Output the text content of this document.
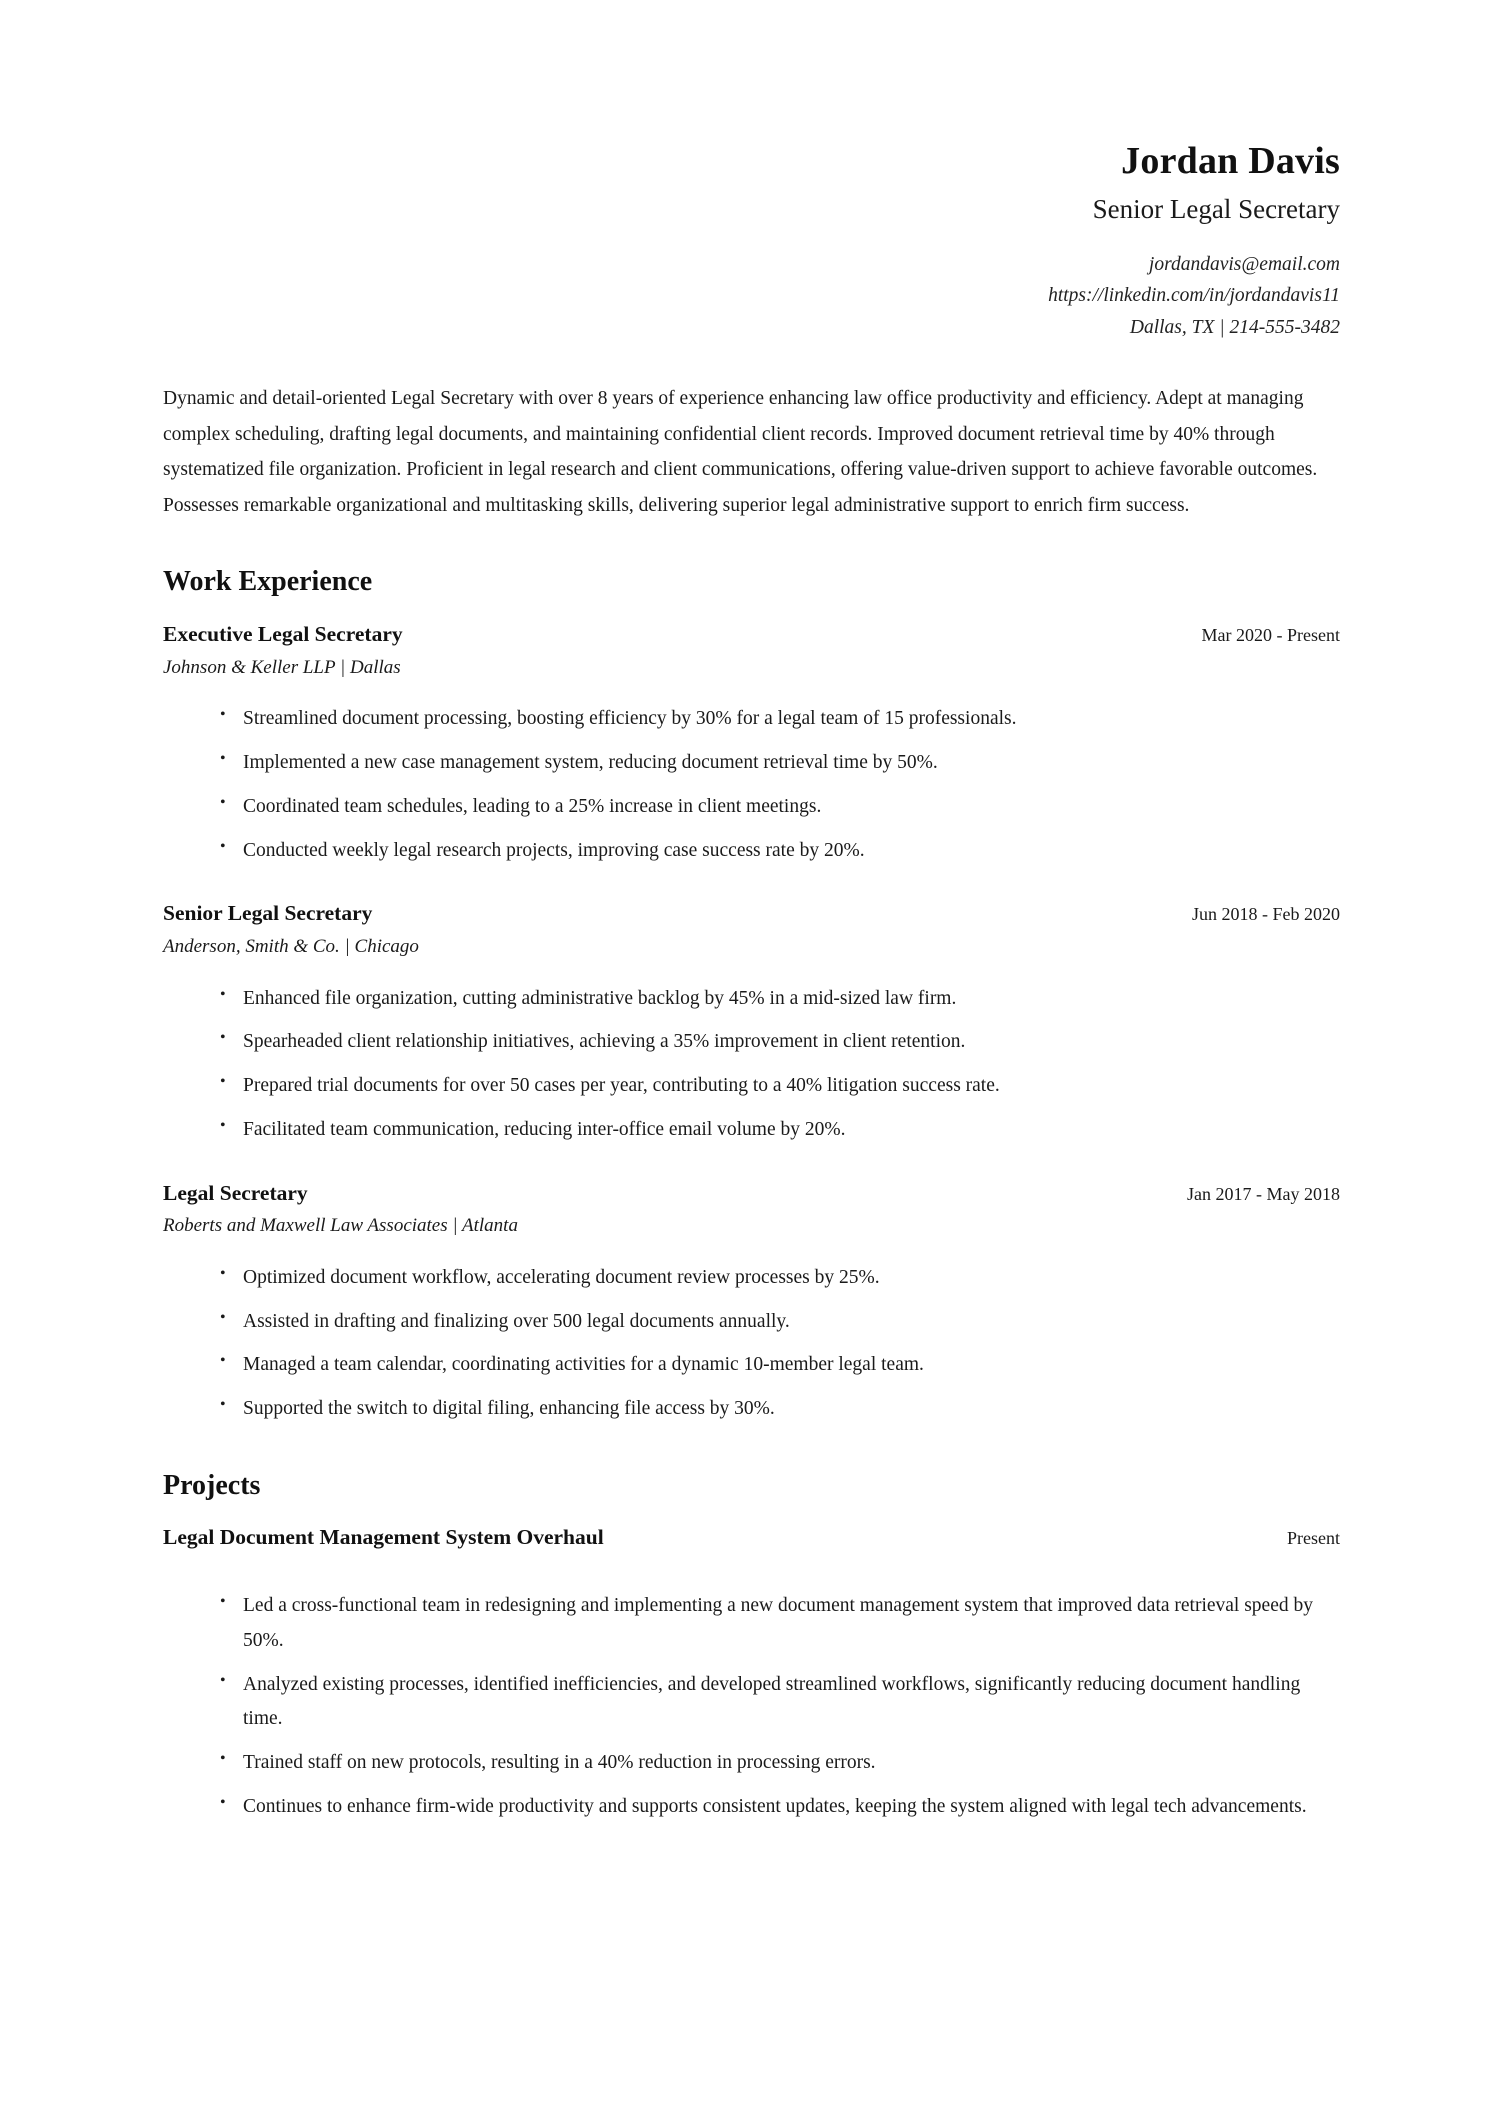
Jordan Davis
Senior Legal Secretary
jordandavis@email.com
https://linkedin.com/in/jordandavis11
Dallas, TX | 214-555-3482

Dynamic and detail-oriented Legal Secretary with over 8 years of experience enhancing law office productivity and efficiency. Adept at managing complex scheduling, drafting legal documents, and maintaining confidential client records. Improved document retrieval time by 40% through systematized file organization. Proficient in legal research and client communications, offering value-driven support to achieve favorable outcomes. Possesses remarkable organizational and multitasking skills, delivering superior legal administrative support to enrich firm success.

Work Experience
Executive Legal Secretary	Mar 2020 - Present
Johnson & Keller LLP | Dallas
• Streamlined document processing, boosting efficiency by 30% for a legal team of 15 professionals.
• Implemented a new case management system, reducing document retrieval time by 50%.
• Coordinated team schedules, leading to a 25% increase in client meetings.
• Conducted weekly legal research projects, improving case success rate by 20%.
Senior Legal Secretary	Jun 2018 - Feb 2020
Anderson, Smith & Co. | Chicago
• Enhanced file organization, cutting administrative backlog by 45% in a mid-sized law firm.
• Spearheaded client relationship initiatives, achieving a 35% improvement in client retention.
• Prepared trial documents for over 50 cases per year, contributing to a 40% litigation success rate.
• Facilitated team communication, reducing inter-office email volume by 20%.
Legal Secretary	Jan 2017 - May 2018
Roberts and Maxwell Law Associates | Atlanta
• Optimized document workflow, accelerating document review processes by 25%.
• Assisted in drafting and finalizing over 500 legal documents annually.
• Managed a team calendar, coordinating activities for a dynamic 10-member legal team.
• Supported the switch to digital filing, enhancing file access by 30%.
Projects
Legal Document Management System Overhaul	Present
• Led a cross-functional team in redesigning and implementing a new document management system that improved data retrieval speed by 50%.
• Analyzed existing processes, identified inefficiencies, and developed streamlined workflows, significantly reducing document handling time.
• Trained staff on new protocols, resulting in a 40% reduction in processing errors.
• Continues to enhance firm-wide productivity and supports consistent updates, keeping the system aligned with legal tech advancements.
